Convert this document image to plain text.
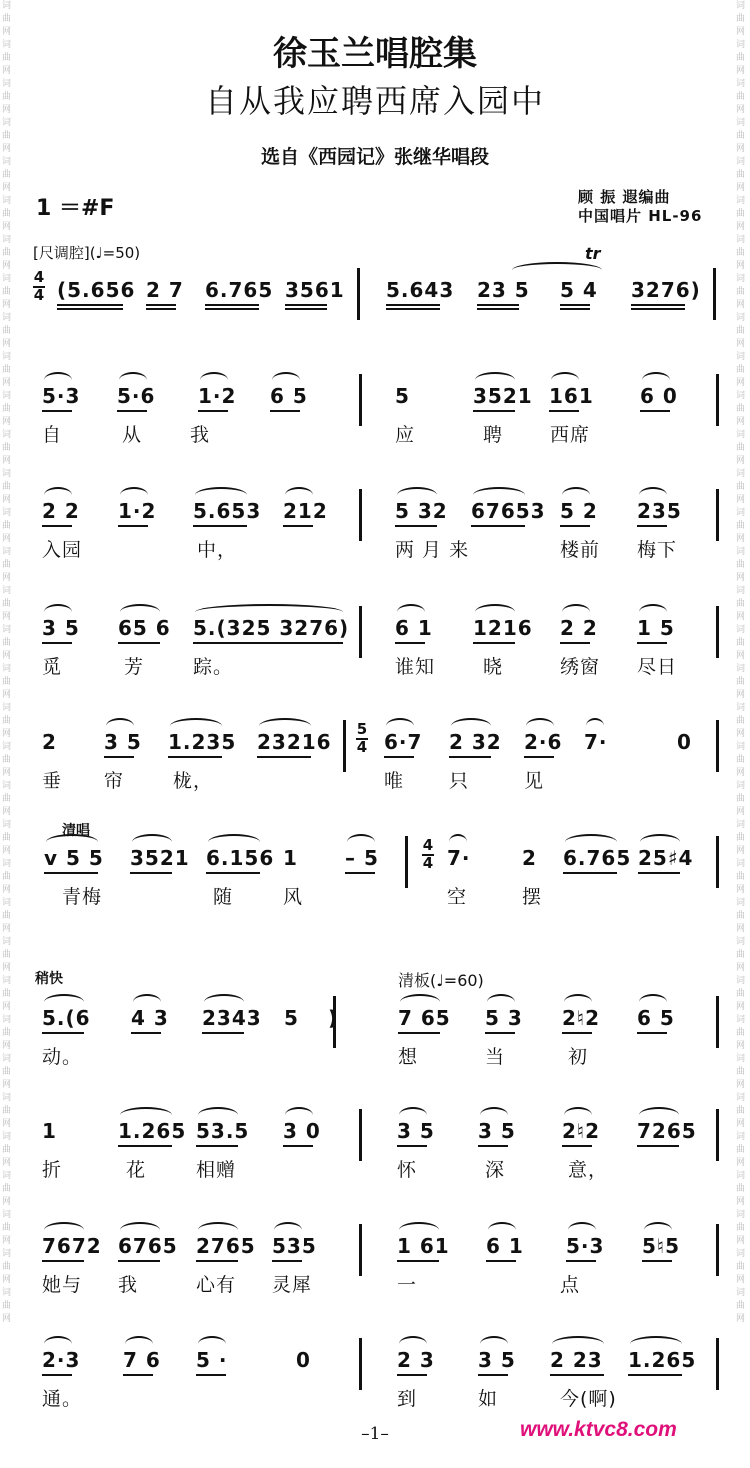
词曲网词曲网词曲网词曲网词曲网词曲网词曲网词曲网词曲网词曲网词曲网词曲网词曲网词曲网词曲网词曲网词曲网词曲网词曲网词曲网词曲网词曲网词曲网词曲网词曲网词曲网词曲网词曲网词曲网词曲网词曲网词曲网词曲网词曲网
词曲网词曲网词曲网词曲网词曲网词曲网词曲网词曲网词曲网词曲网词曲网词曲网词曲网词曲网词曲网词曲网词曲网词曲网词曲网词曲网词曲网词曲网词曲网词曲网词曲网词曲网词曲网词曲网词曲网词曲网词曲网词曲网词曲网词曲网
徐玉兰唱腔集
自从我应聘西席入园中
选自《西园记》张继华唱段
1 ＝#F	顾 振 遐编曲
中国唱片 HL-96
[尺调腔](♩=50)	tr
清唱
稍快	清板(♩=60)
4
4 (5.656 2 7 6.765 3561 5.643 23 5 5 4 3276)
5·3 5·6 1·2 6 5	5	3521 161 6 0
自	从	我	应	聘 西席
2 2 1·2 5.653 212	5 32 67653 5 2 235
入园	中，	两 月 来	楼前 梅下
3 5 65 6 5.(325 3276) 6 1 1216 2 2 1 5
觅	芳	踪。	谁知	晓	绣窗 尽日
2 3 5 1.235 23216
5
4 6·7 2 32 2·6 7·	0
垂 帘	栊，	唯 只	见
ⅴ 5 5 3521 6.156 1 – 5
4
4 7·	2 6.765 25♯4
青梅	随	风	空	摆
5.(6 4 3 2343 5 )	7 65 5 3 2♮2 6 5
动。	想	当	初
1	1.265 53.5 3 0	3 5 3 5 2♮2 7265
折	花	相赠	怀	深	意，
7672 6765 2765 535	1 61 6 1 5·3 5♮5
她与 我	心有 灵犀	一	点
2·3 7 6 5 ·	0	2 3 3 5 2 23 1.265
通。	到	如	今(啊)
–1–	www.ktvc8.com
